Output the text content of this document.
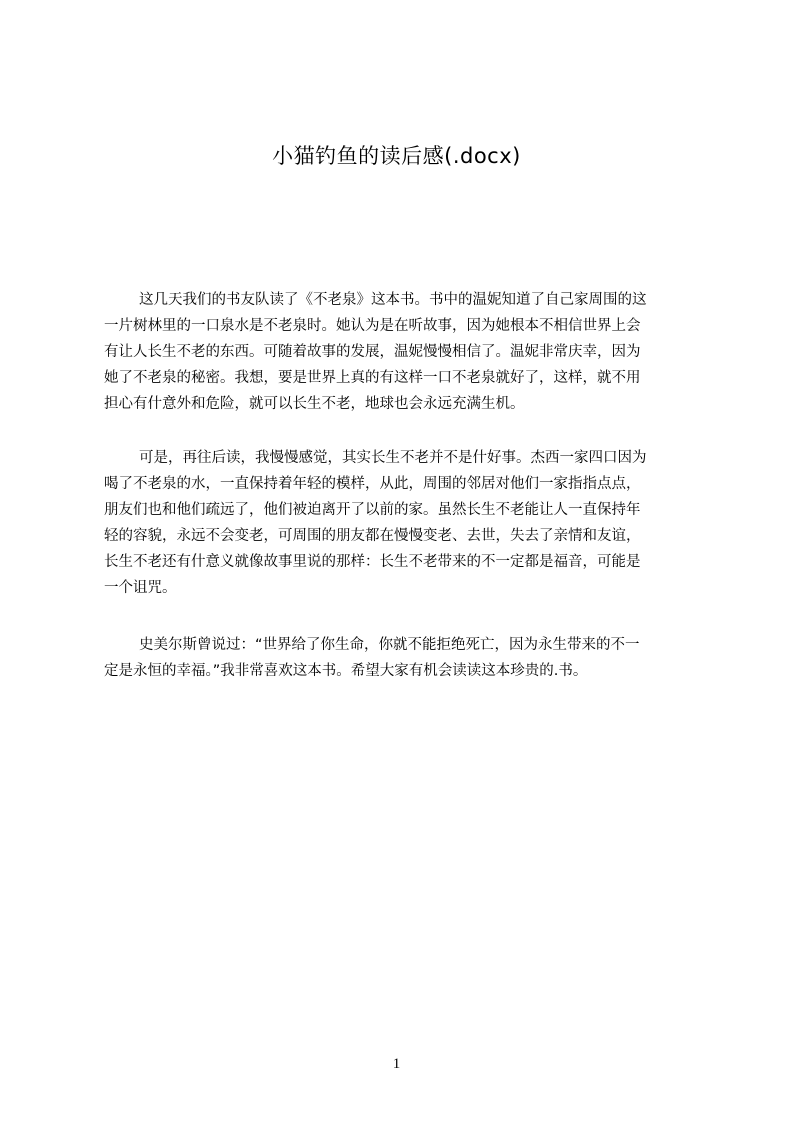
小猫钓鱼的读后感(.docx)
这几天我们的书友队读了《不老泉》这本书。书中的温妮知道了自己家周围的这
一片树林里的一口泉水是不老泉时。她认为是在听故事，因为她根本不相信世界上会
有让人长生不老的东西。可随着故事的发展，温妮慢慢相信了。温妮非常庆幸，因为
她了不老泉的秘密。我想，要是世界上真的有这样一口不老泉就好了，这样，就不用
担心有什意外和危险，就可以长生不老，地球也会永远充满生机。
可是，再往后读，我慢慢感觉，其实长生不老并不是什好事。杰西一家四口因为
喝了不老泉的水，一直保持着年轻的模样，从此，周围的邻居对他们一家指指点点，
朋友们也和他们疏远了，他们被迫离开了以前的家。虽然长生不老能让人一直保持年
轻的容貌，永远不会变老，可周围的朋友都在慢慢变老、去世，失去了亲情和友谊，
长生不老还有什意义就像故事里说的那样：长生不老带来的不一定都是福音，可能是
一个诅咒。
史美尔斯曾说过：“世界给了你生命，你就不能拒绝死亡，因为永生带来的不一
定是永恒的幸福。”我非常喜欢这本书。希望大家有机会读读这本珍贵的.书。
1
